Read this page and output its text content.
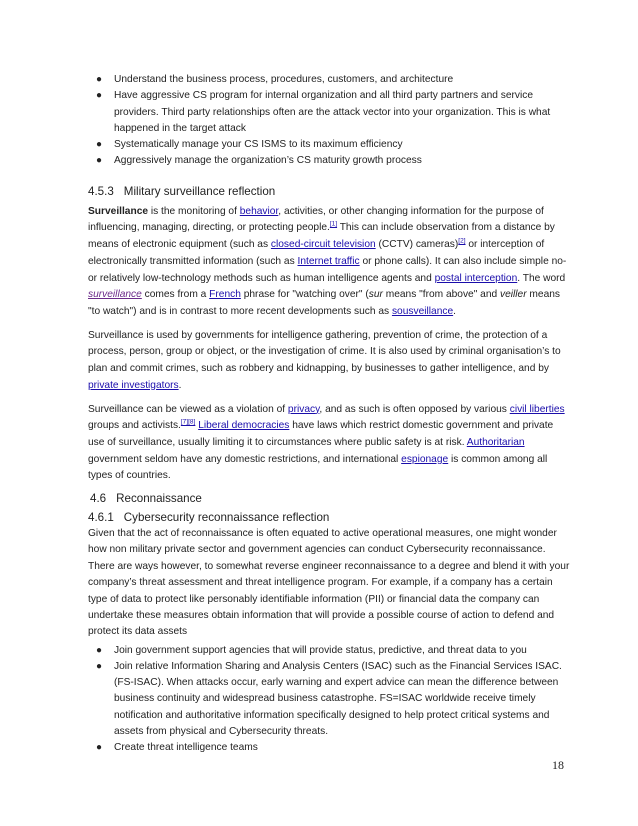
● Understand the business process, procedures, customers, and architecture
● Have aggressive CS program for internal organization and all third party partners and service providers. Third party relationships often are the attack vector into your organization. This is what happened in the target attack
● Systematically manage your CS ISMS to its maximum efficiency
● Aggressively manage the organization’s CS maturity growth process
4.5.3 Military surveillance reflection

Surveillance is the monitoring of behavior, activities, or other changing information for the purpose of influencing, managing, directing, or protecting people.[1] This can include observation from a distance by means of electronic equipment (such as closed-circuit television (CCTV) cameras)[2] or interception of electronically transmitted information (such as Internet traffic or phone calls). It can also include simple no- or relatively low-technology methods such as human intelligence agents and postal interception. The word surveillance comes from a French phrase for "watching over" (sur means "from above" and veiller means "to watch") and is in contrast to more recent developments such as sousveillance.

Surveillance is used by governments for intelligence gathering, prevention of crime, the protection of a process, person, group or object, or the investigation of crime. It is also used by criminal organisation’s to plan and commit crimes, such as robbery and kidnapping, by businesses to gather intelligence, and by private investigators.

Surveillance can be viewed as a violation of privacy, and as such is often opposed by various civil liberties groups and activists.[7][8] Liberal democracies have laws which restrict domestic government and private use of surveillance, usually limiting it to circumstances where public safety is at risk. Authoritarian government seldom have any domestic restrictions, and international espionage is common among all types of countries.

4.6 Reconnaissance
4.6.1 Cybersecurity reconnaissance reflection

Given that the act of reconnaissance is often equated to active operational measures, one might wonder how non military private sector and government agencies can conduct Cybersecurity reconnaissance. There are ways however, to somewhat reverse engineer reconnaissance to a degree and blend it with your company’s threat assessment and threat intelligence program. For example, if a company has a certain type of data to protect like personably identifiable information (PII) or financial data the company can undertake these measures obtain information that will provide a possible course of action to defend and protect its data assets

● Join government support agencies that will provide status, predictive, and threat data to you
● Join relative Information Sharing and Analysis Centers (ISAC) such as the Financial Services ISAC. (FS-ISAC). When attacks occur, early warning and expert advice can mean the difference between business continuity and widespread business catastrophe. FS=ISAC worldwide receive timely notification and authoritative information specifically designed to help protect critical systems and assets from physical and Cybersecurity threats.
● Create threat intelligence teams
18
